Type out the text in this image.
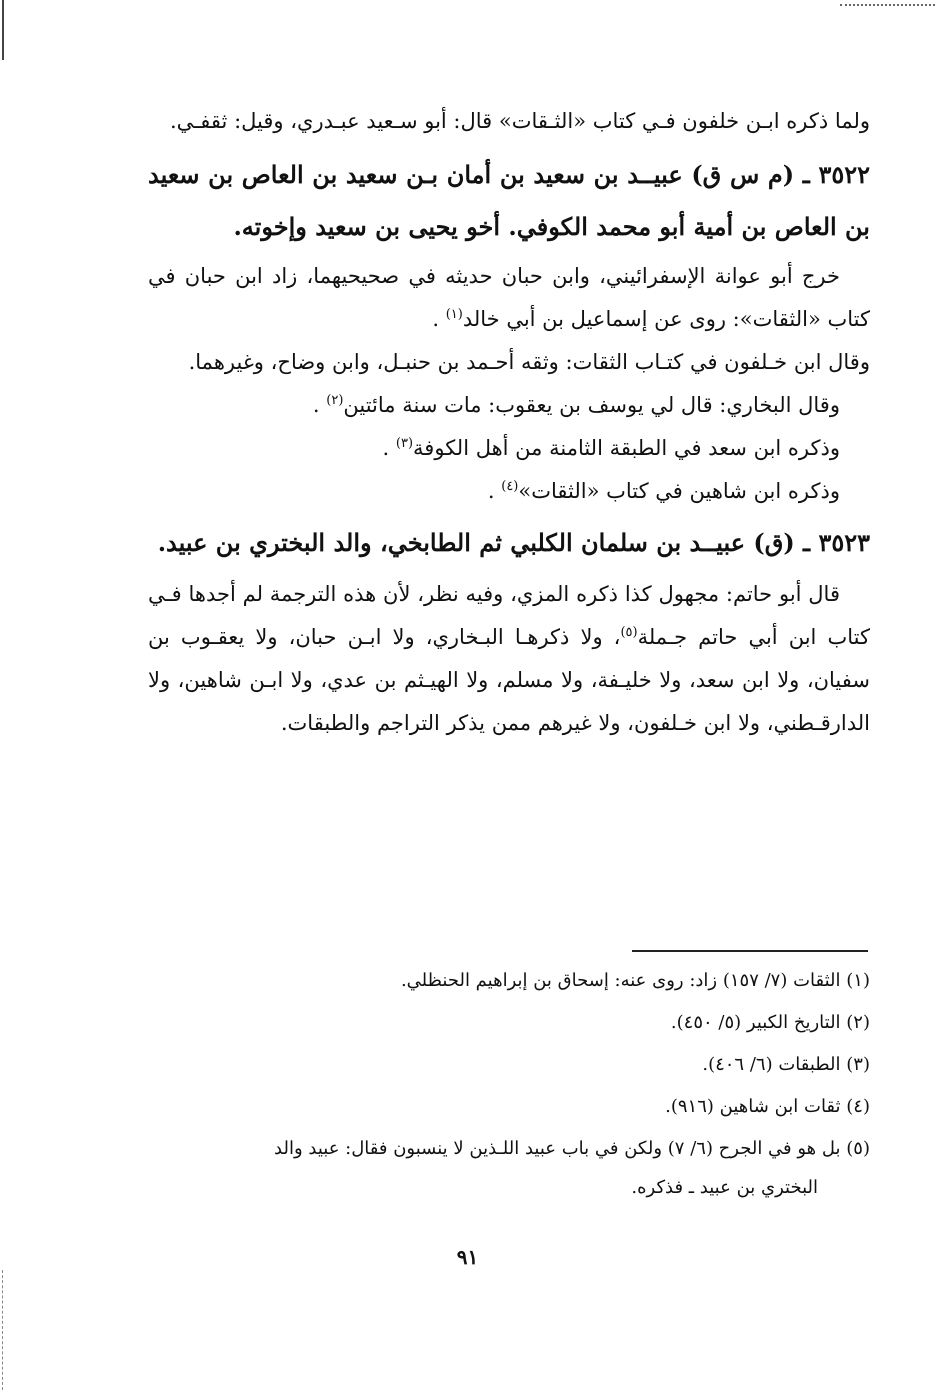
ولما ذكره ابـن خلفون فـي كتاب «الثـقات» قال: أبو سـعيد عبـدري، وقيل: ثقفـي.

٣٥٢٢ ـ (م س ق) عبيــد بن سعيد بن أمان بـن سعيد بن العاص بن سعيد بن العاص بن أمية أبو محمد الكوفي. أخو يحيى بن سعيد وإخوته.

خرج أبو عوانة الإسفرائيني، وابن حبان حديثه في صحيحيهما، زاد ابن حبان في كتاب «الثقات»: روى عن إسماعيل بن أبي خالد$^{(١)}$ .

وقال ابن خـلفون في كتـاب الثقات: وثقه أحـمد بن حنبـل، وابن وضاح، وغيرهما.

وقال البخاري: قال لي يوسف بن يعقوب: مات سنة مائتين$^{(٢)}$ .

وذكره ابن سعد في الطبقة الثامنة من أهل الكوفة$^{(٣)}$ .

وذكره ابن شاهين في كتاب «الثقات»$^{(٤)}$ .

٣٥٢٣ ـ (ق) عبيــد بن سلمان الكلبي ثم الطابخي، والد البختري بن عبيد.

قال أبو حاتم: مجهول كذا ذكره المزي، وفيه نظر، لأن هذه الترجمة لم أجدها فـي كتاب ابن أبي حاتم جـملة$^{(٥)}$، ولا ذكرهـا البـخاري، ولا ابـن حبان، ولا يعقـوب بن سفيان، ولا ابن سعد، ولا خليـفة، ولا مسلم، ولا الهيـثم بن عدي، ولا ابـن شاهين، ولا الدارقـطني، ولا ابن خـلفون، ولا غيرهم ممن يذكر التراجم والطبقات.

(١) الثقات (٧/ ١٥٧) زاد: روى عنه: إسحاق بن إبراهيم الحنظلي.

(٢) التاريخ الكبير (٥/ ٤٥٠).

(٣) الطبقات (٦/ ٤٠٦).

(٤) ثقات ابن شاهين (٩١٦).

(٥) بل هو في الجرح (٦/ ٧) ولكن في باب عبيد اللـذين لا ينسبون فقال: عبيد والد
البختري بن عبيد ـ فذكره.

٩١
